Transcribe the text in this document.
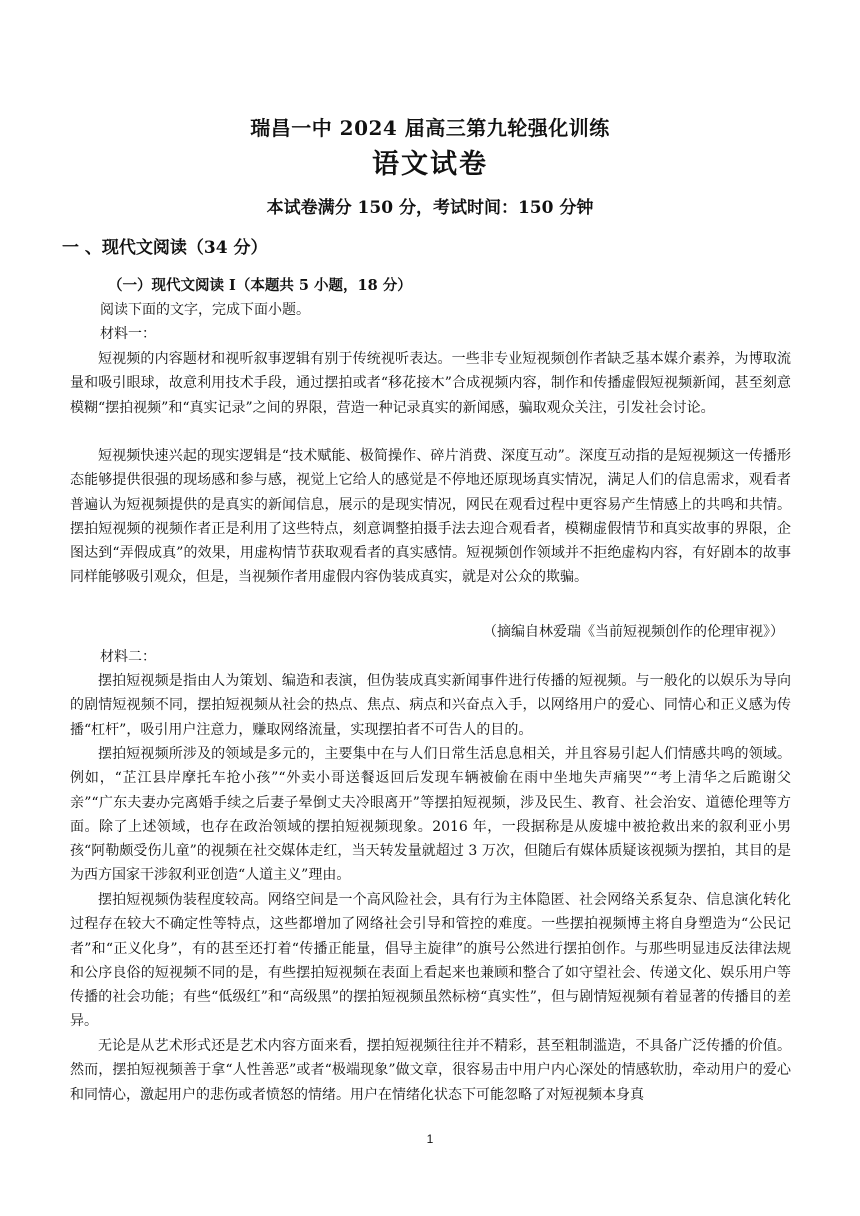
瑞昌一中 2024 届高三第九轮强化训练
语文试卷
本试卷满分 150 分，考试时间：150 分钟
一 、现代文阅读（34 分）
（一）现代文阅读 I（本题共 5 小题，18 分）
阅读下面的文字，完成下面小题。
材料一：

短视频的内容题材和视听叙事逻辑有别于传统视听表达。一些非专业短视频创作者缺乏基本媒介素养，为博取流量和吸引眼球，故意利用技术手段，通过摆拍或者“移花接木”合成视频内容，制作和传播虚假短视频新闻，甚至刻意模糊“摆拍视频”和“真实记录”之间的界限，营造一种记录真实的新闻感，骗取观众关注，引发社会讨论。

短视频快速兴起的现实逻辑是“技术赋能、极简操作、碎片消费、深度互动”。深度互动指的是短视频这一传播形态能够提供很强的现场感和参与感，视觉上它给人的感觉是不停地还原现场真实情况，满足人们的信息需求，观看者普遍认为短视频提供的是真实的新闻信息，展示的是现实情况，网民在观看过程中更容易产生情感上的共鸣和共情。摆拍短视频的视频作者正是利用了这些特点，刻意调整拍摄手法去迎合观看者，模糊虚假情节和真实故事的界限，企图达到“弄假成真”的效果，用虚构情节获取观看者的真实感情。短视频创作领域并不拒绝虚构内容，有好剧本的故事同样能够吸引观众，但是，当视频作者用虚假内容伪装成真实，就是对公众的欺骗。

（摘编自林爱瑞《当前短视频创作的伦理审视》）
材料二：

摆拍短视频是指由人为策划、编造和表演，但伪装成真实新闻事件进行传播的短视频。与一般化的以娱乐为导向的剧情短视频不同，摆拍短视频从社会的热点、焦点、病点和兴奋点入手，以网络用户的爱心、同情心和正义感为传播“杠杆”，吸引用户注意力，赚取网络流量，实现摆拍者不可告人的目的。

摆拍短视频所涉及的领域是多元的，主要集中在与人们日常生活息息相关，并且容易引起人们情感共鸣的领域。例如，“芷江县岸摩托车抢小孩”“外卖小哥送餐返回后发现车辆被偷在雨中坐地失声痛哭”“考上清华之后跪谢父亲”“广东夫妻办完离婚手续之后妻子晕倒丈夫冷眼离开”等摆拍短视频，涉及民生、教育、社会治安、道德伦理等方面。除了上述领域，也存在政治领域的摆拍短视频现象。2016 年，一段据称是从废墟中被抢救出来的叙利亚小男孩“阿勒颇受伤儿童”的视频在社交媒体走红，当天转发量就超过 3 万次，但随后有媒体质疑该视频为摆拍，其目的是为西方国家干涉叙利亚创造“人道主义”理由。

摆拍短视频伪装程度较高。网络空间是一个高风险社会，具有行为主体隐匿、社会网络关系复杂、信息演化转化过程存在较大不确定性等特点，这些都增加了网络社会引导和管控的难度。一些摆拍视频博主将自身塑造为“公民记者”和“正义化身”，有的甚至还打着“传播正能量，倡导主旋律”的旗号公然进行摆拍创作。与那些明显违反法律法规和公序良俗的短视频不同的是，有些摆拍短视频在表面上看起来也兼顾和整合了如守望社会、传递文化、娱乐用户等传播的社会功能；有些“低级红”和“高级黑”的摆拍短视频虽然标榜“真实性”，但与剧情短视频有着显著的传播目的差异。

无论是从艺术形式还是艺术内容方面来看，摆拍短视频往往并不精彩，甚至粗制滥造，不具备广泛传播的价值。然而，摆拍短视频善于拿“人性善恶”或者“极端现象”做文章，很容易击中用户内心深处的情感软肋，牵动用户的爱心和同情心，激起用户的悲伤或者愤怒的情绪。用户在情绪化状态下可能忽略了对短视频本身真

1
